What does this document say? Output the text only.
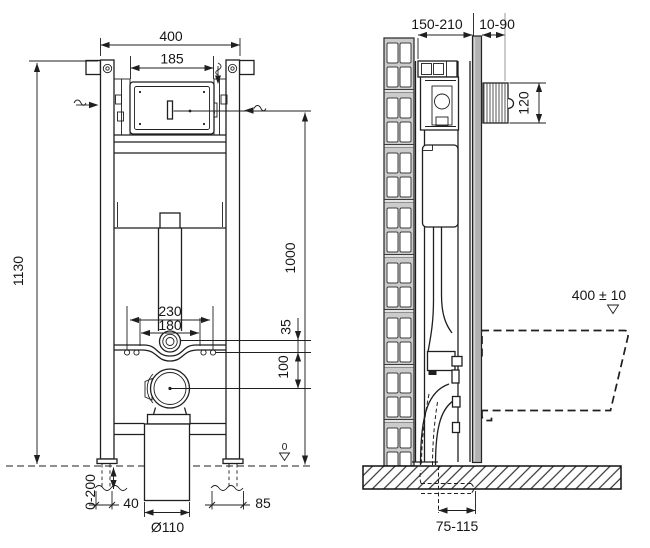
400
185
1130	1000
230
180	35
100
0
0-200 40	85
Ø110
150-210 10-90
120
400 ± 10
75-115
